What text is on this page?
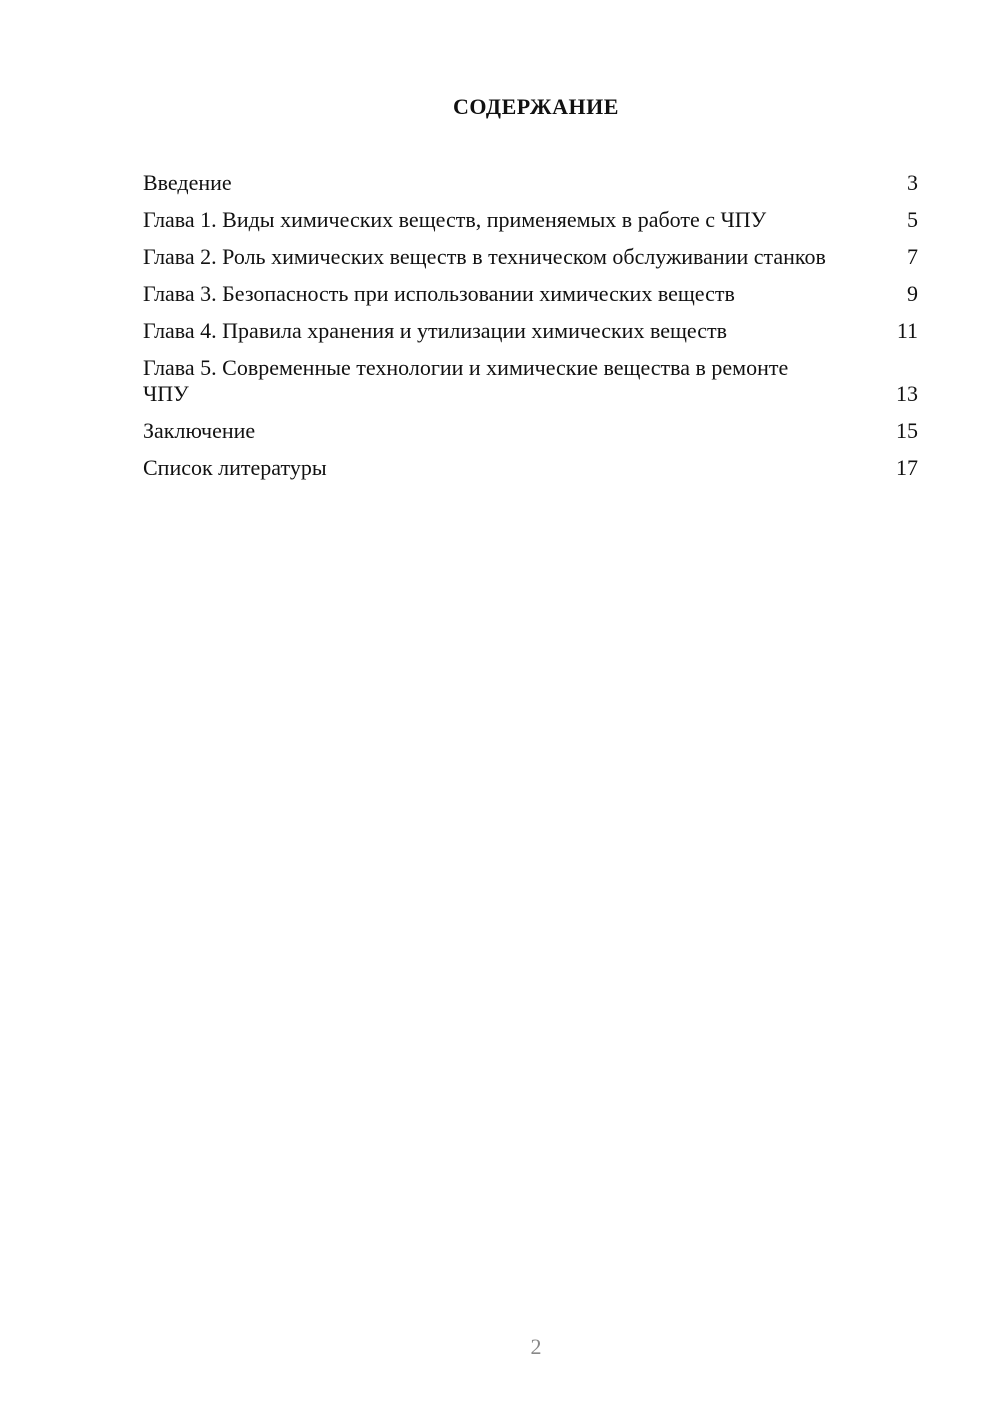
СОДЕРЖАНИЕ
Введение	3
Глава 1. Виды химических веществ, применяемых в работе с ЧПУ	5
Глава 2. Роль химических веществ в техническом обслуживании станков	7
Глава 3. Безопасность при использовании химических веществ	9
Глава 4. Правила хранения и утилизации химических веществ	11
Глава 5. Современные технологии и химические вещества в ремонте ЧПУ	13
Заключение	15
Список литературы	17
2
